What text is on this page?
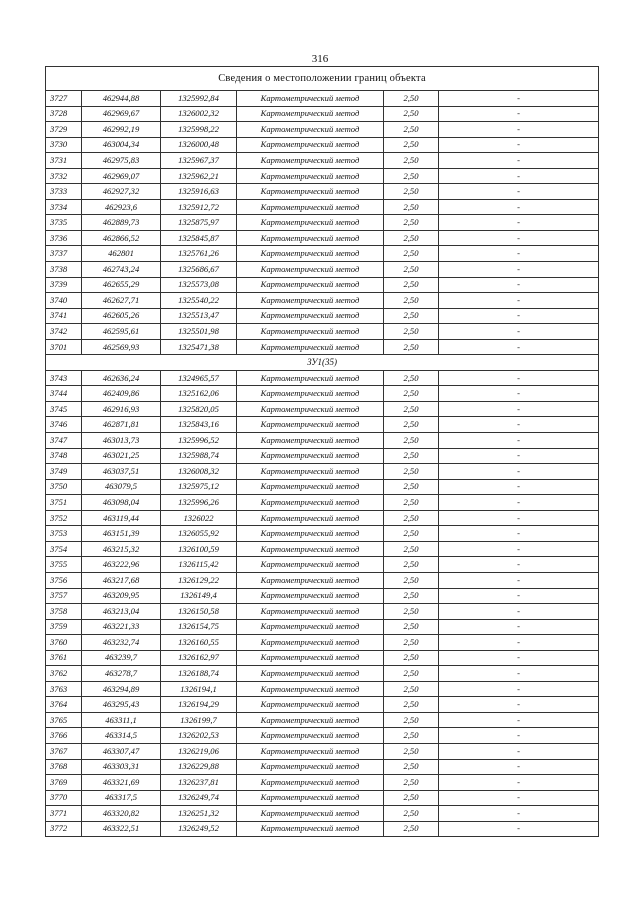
316
Сведения о местоположении границ объекта					
3727	462944,88	1325992,84	Картометрический метод	2,50	-
3728	462969,67	1326002,32	Картометрический метод	2,50	-
3729	462992,19	1325998,22	Картометрический метод	2,50	-
3730	463004,34	1326000,48	Картометрический метод	2,50	-
3731	462975,83	1325967,37	Картометрический метод	2,50	-
3732	462969,07	1325962,21	Картометрический метод	2,50	-
3733	462927,32	1325916,63	Картометрический метод	2,50	-
3734	462923,6	1325912,72	Картометрический метод	2,50	-
3735	462889,73	1325875,97	Картометрический метод	2,50	-
3736	462866,52	1325845,87	Картометрический метод	2,50	-
3737	462801	1325761,26	Картометрический метод	2,50	-
3738	462743,24	1325686,67	Картометрический метод	2,50	-
3739	462655,29	1325573,08	Картометрический метод	2,50	-
3740	462627,71	1325540,22	Картометрический метод	2,50	-
3741	462605,26	1325513,47	Картометрический метод	2,50	-
3742	462595,61	1325501,98	Картометрический метод	2,50	-
3701	462569,93	1325471,38	Картометрический метод	2,50	-
ЗУ1(35)					
3743	462636,24	1324965,57	Картометрический метод	2,50	-
3744	462409,86	1325162,06	Картометрический метод	2,50	-
3745	462916,93	1325820,05	Картометрический метод	2,50	-
3746	462871,81	1325843,16	Картометрический метод	2,50	-
3747	463013,73	1325996,52	Картометрический метод	2,50	-
3748	463021,25	1325988,74	Картометрический метод	2,50	-
3749	463037,51	1326008,32	Картометрический метод	2,50	-
3750	463079,5	1325975,12	Картометрический метод	2,50	-
3751	463098,04	1325996,26	Картометрический метод	2,50	-
3752	463119,44	1326022	Картометрический метод	2,50	-
3753	463151,39	1326055,92	Картометрический метод	2,50	-
3754	463215,32	1326100,59	Картометрический метод	2,50	-
3755	463222,96	1326115,42	Картометрический метод	2,50	-
3756	463217,68	1326129,22	Картометрический метод	2,50	-
3757	463209,95	1326149,4	Картометрический метод	2,50	-
3758	463213,04	1326150,58	Картометрический метод	2,50	-
3759	463221,33	1326154,75	Картометрический метод	2,50	-
3760	463232,74	1326160,55	Картометрический метод	2,50	-
3761	463239,7	1326162,97	Картометрический метод	2,50	-
3762	463278,7	1326188,74	Картометрический метод	2,50	-
3763	463294,89	1326194,1	Картометрический метод	2,50	-
3764	463295,43	1326194,29	Картометрический метод	2,50	-
3765	463311,1	1326199,7	Картометрический метод	2,50	-
3766	463314,5	1326202,53	Картометрический метод	2,50	-
3767	463307,47	1326219,06	Картометрический метод	2,50	-
3768	463303,31	1326229,88	Картометрический метод	2,50	-
3769	463321,69	1326237,81	Картометрический метод	2,50	-
3770	463317,5	1326249,74	Картометрический метод	2,50	-
3771	463320,82	1326251,32	Картометрический метод	2,50	-
3772	463322,51	1326249,52	Картометрический метод	2,50	-
